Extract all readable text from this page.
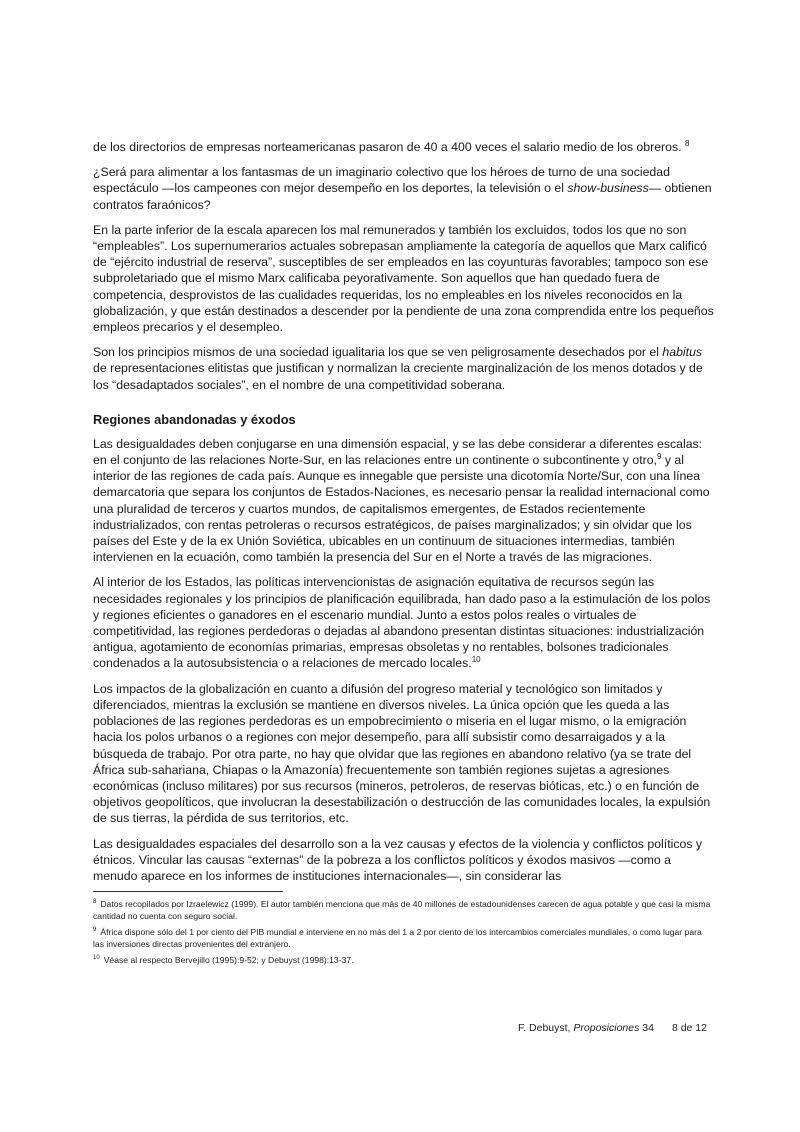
de los directorios de empresas norteamericanas pasaron de 40 a 400 veces el salario medio de los obreros. $^8$

¿Será para alimentar a los fantasmas de un imaginario colectivo que los héroes de turno de una sociedad espectáculo —los campeones con mejor desempeño en los deportes, la televisión o el show-business— obtienen contratos faraónicos?

En la parte inferior de la escala aparecen los mal remunerados y también los excluidos, todos los que no son “empleables”. Los supernumerarios actuales sobrepasan ampliamente la categoría de aquellos que Marx calificó de “ejército industrial de reserva”, susceptibles de ser empleados en las coyunturas favorables; tampoco son ese subproletariado que el mismo Marx calificaba peyorativamente. Son aquellos que han quedado fuera de competencia, desprovistos de las cualidades requeridas, los no empleables en los niveles reconocidos en la globalización, y que están destinados a descender por la pendiente de una zona comprendida entre los pequeños empleos precarios y el desempleo.

Son los principios mismos de una sociedad igualitaria los que se ven peligrosamente desechados por el habitus de representaciones elitistas que justifican y normalizan la creciente marginalización de los menos dotados y de los “desadaptados sociales”, en el nombre de una competitividad soberana.

Regiones abandonadas y éxodos

Las desigualdades deben conjugarse en una dimensión espacial, y se las debe considerar a diferentes escalas: en el conjunto de las relaciones Norte-Sur, en las relaciones entre un continente o subcontinente y otro,$^9$ y al interior de las regiones de cada país. Aunque es innegable que persiste una dicotomía Norte/Sur, con una línea demarcatoria que separa los conjuntos de Estados-Naciones, es necesario pensar la realidad internacional como una pluralidad de terceros y cuartos mundos, de capitalismos emergentes, de Estados recientemente industrializados, con rentas petroleras o recursos estratégicos, de países marginalizados; y sin olvidar que los países del Este y de la ex Unión Soviética, ubicables en un continuum de situaciones intermedias, también intervienen en la ecuación, como también la presencia del Sur en el Norte a través de las migraciones.

Al interior de los Estados, las políticas intervencionistas de asignación equitativa de recursos según las necesidades regionales y los principios de planificación equilibrada, han dado paso a la estimulación de los polos y regiones eficientes o ganadores en el escenario mundial. Junto a estos polos reales o virtuales de competitividad, las regiones perdedoras o dejadas al abandono presentan distintas situaciones: industrialización antigua, agotamiento de economías primarias, empresas obsoletas y no rentables, bolsones tradicionales condenados a la autosubsistencia o a relaciones de mercado locales.$^{10}$

Los impactos de la globalización en cuanto a difusión del progreso material y tecnológico son limitados y diferenciados, mientras la exclusión se mantiene en diversos niveles. La única opción que les queda a las poblaciones de las regiones perdedoras es un empobrecimiento o miseria en el lugar mismo, o la emigración hacia los polos urbanos o a regiones con mejor desempeño, para allí subsistir como desarraigados y a la búsqueda de trabajo. Por otra parte, no hay que olvidar que las regiones en abandono relativo (ya se trate del África sub-sahariana, Chiapas o la Amazonía) frecuentemente son también regiones sujetas a agresiones económicas (incluso militares) por sus recursos (mineros, petroleros, de reservas bióticas, etc.) o en función de objetivos geopolíticos, que involucran la desestabilización o destrucción de las comunidades locales, la expulsión de sus tierras, la pérdida de sus territorios, etc.

Las desigualdades espaciales del desarrollo son a la vez causas y efectos de la violencia y conflictos políticos y étnicos. Vincular las causas “externas” de la pobreza a los conflictos políticos y éxodos masivos —como a menudo aparece en los informes de instituciones internacionales—, sin considerar las

$^8$ Datos recopilados por Izraelewicz (1999). El autor también menciona que más de 40 millones de estadounidenses carecen de agua potable y que casi la misma cantidad no cuenta con seguro social.

$^9$ África dispone sólo del 1 por ciento del PIB mundial e interviene en no más del 1 a 2 por ciento de los intercambios comerciales mundiales, o como lugar para las inversiones directas provenientes del extranjero.

$^{10}$ Véase al respecto Bervejillo (1995):9-52; y Debuyst (1998):13-37.

F. Debuyst, Proposiciones 34 8 de 12
